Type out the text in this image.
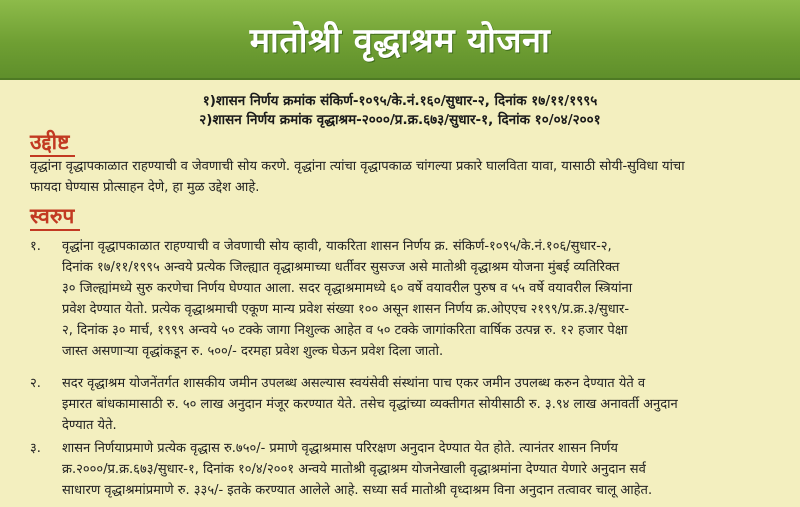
मातोश्री वृद्धाश्रम योजना
१)शासन निर्णय क्रमांक संकिर्ण-१०९५/के.नं.१६०/सुधार-२, दिनांक १७/११/१९९५
२)शासन निर्णय क्रमांक वृद्धाश्रम-२०००/प्र.क्र.६७३/सुधार-१, दिनांक १०/०४/२००१
उद्दीष्ट
वृद्धांना वृद्धापकाळात राहण्याची व जेवणाची सोय करणे. वृद्धांना त्यांचा वृद्धापकाळ चांगल्या प्रकारे घालविता यावा, यासाठी सोयी-सुविधा यांचा
फायदा घेण्यास प्रोत्साहन देणे, हा मुळ उद्देश आहे.
स्वरुप
१. वृद्धांना वृद्धापकाळात राहण्याची व जेवणाची सोय व्हावी, याकरिता शासन निर्णय क्र. संकिर्ण-१०९५/के.नं.१०६/सुधार-२,
दिनांक १७/११/१९९५ अन्वये प्रत्येक जिल्ह्यात वृद्धाश्रमाच्या धर्तीवर सुसज्ज असे मातोश्री वृद्धाश्रम योजना मुंबई व्यतिरिक्त
३० जिल्ह्यांमध्ये सुरु करणेचा निर्णय घेण्यात आला. सदर वृद्धाश्रमामध्ये ६० वर्षे वयावरील पुरुष व ५५ वर्षे वयावरील स्त्रियांना
प्रवेश देण्यात येतो. प्रत्येक वृद्धाश्रमाची एकूण मान्य प्रवेश संख्या १०० असून शासन निर्णय क्र.ओएएच २१९९/प्र.क्र.३/सुधार-
२, दिनांक ३० मार्च, १९९९ अन्वये ५० टक्के जागा निशुल्क आहेत व ५० टक्के जागांकरिता वार्षिक उत्पन्न रु. १२ हजार पेक्षा
जास्त असणाऱ्या वृद्धांकडून रु. ५००/- दरमहा प्रवेश शुल्क घेऊन प्रवेश दिला जातो.
२. सदर वृद्धाश्रम योजनेंतर्गत शासकीय जमीन उपलब्ध असल्यास स्वयंसेवी संस्थांना पाच एकर जमीन उपलब्ध करुन देण्यात येते व
इमारत बांधकामासाठी रु. ५० लाख अनुदान मंजूर करण्यात येते. तसेच वृद्धांच्या व्यक्तीगत सोयीसाठी रु. ३.९४ लाख अनावर्ती अनुदान
देण्यात येते.
३. शासन निर्णयाप्रमाणे प्रत्येक वृद्धास रु.७५०/- प्रमाणे वृद्धाश्रमास परिरक्षण अनुदान देण्यात येत होते. त्यानंतर शासन निर्णय
क्र.२०००/प्र.क्र.६७३/सुधार-१, दिनांक १०/४/२००१ अन्वये मातोश्री वृद्धाश्रम योजनेखाली वृद्धाश्रमांना देण्यात येणारे अनुदान सर्व
साधारण वृद्धाश्रमांप्रमाणे रु. ३३५/- इतके करण्यात आलेले आहे. सध्या सर्व मातोश्री वृध्दाश्रम विना अनुदान तत्वावर चालू आहेत.
